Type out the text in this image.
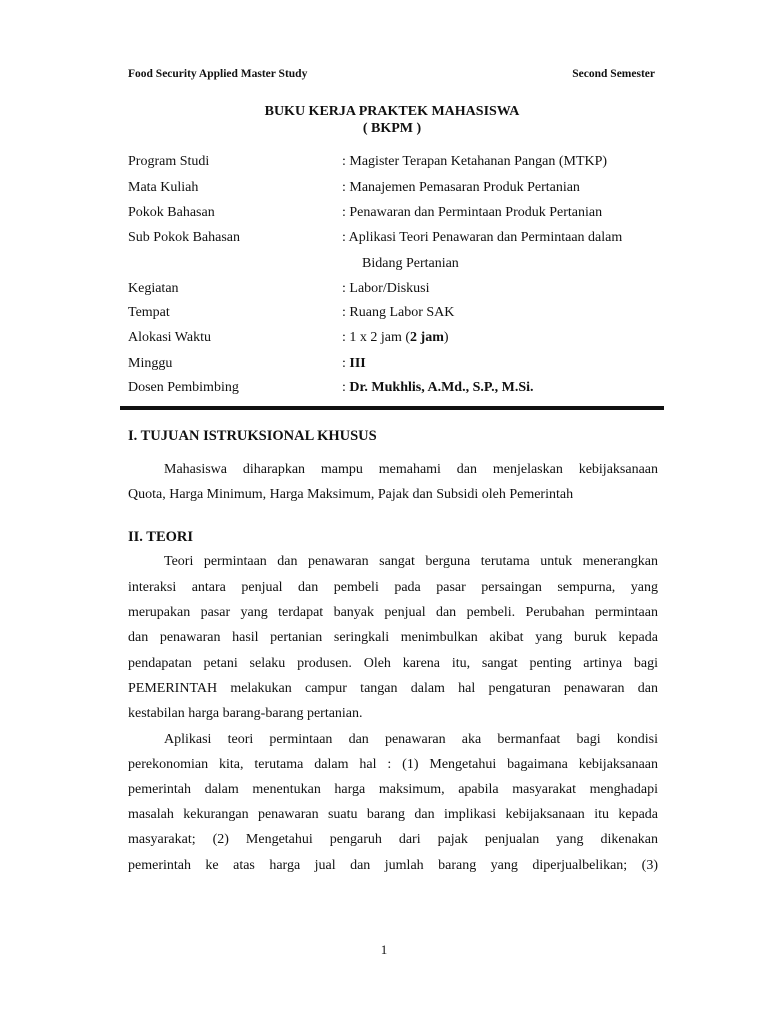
Food Security Applied Master Study	Second Semester
BUKU KERJA PRAKTEK MAHASISWA
( BKPM )
Program Studi	: Magister Terapan Ketahanan Pangan (MTKP)
Mata Kuliah	: Manajemen Pemasaran Produk Pertanian
Pokok Bahasan	: Penawaran dan Permintaan Produk Pertanian
Sub Pokok Bahasan	: Aplikasi Teori Penawaran dan Permintaan dalam
Bidang Pertanian
Kegiatan	: Labor/Diskusi
Tempat	: Ruang Labor SAK
Alokasi Waktu	: 1 x 2 jam (2 jam)
Minggu	: III
Dosen Pembimbing	: Dr. Mukhlis, A.Md., S.P., M.Si.
I. TUJUAN ISTRUKSIONAL KHUSUS
Mahasiswa diharapkan mampu memahami dan menjelaskan kebijaksanaan
Quota, Harga Minimum, Harga Maksimum, Pajak dan Subsidi oleh Pemerintah
II. TEORI
Teori permintaan dan penawaran sangat berguna terutama untuk menerangkan
interaksi antara penjual dan pembeli pada pasar persaingan sempurna, yang
merupakan pasar yang terdapat banyak penjual dan pembeli. Perubahan permintaan
dan penawaran hasil pertanian seringkali menimbulkan akibat yang buruk kepada
pendapatan petani selaku produsen. Oleh karena itu, sangat penting artinya bagi
PEMERINTAH melakukan campur tangan dalam hal pengaturan penawaran dan
kestabilan harga barang-barang pertanian.
Aplikasi teori permintaan dan penawaran aka bermanfaat bagi kondisi
perekonomian kita, terutama dalam hal : (1) Mengetahui bagaimana kebijaksanaan
pemerintah dalam menentukan harga maksimum, apabila masyarakat menghadapi
masalah kekurangan penawaran suatu barang dan implikasi kebijaksanaan itu kepada
masyarakat; (2) Mengetahui pengaruh dari pajak penjualan yang dikenakan
pemerintah ke atas harga jual dan jumlah barang yang diperjualbelikan; (3)
1
